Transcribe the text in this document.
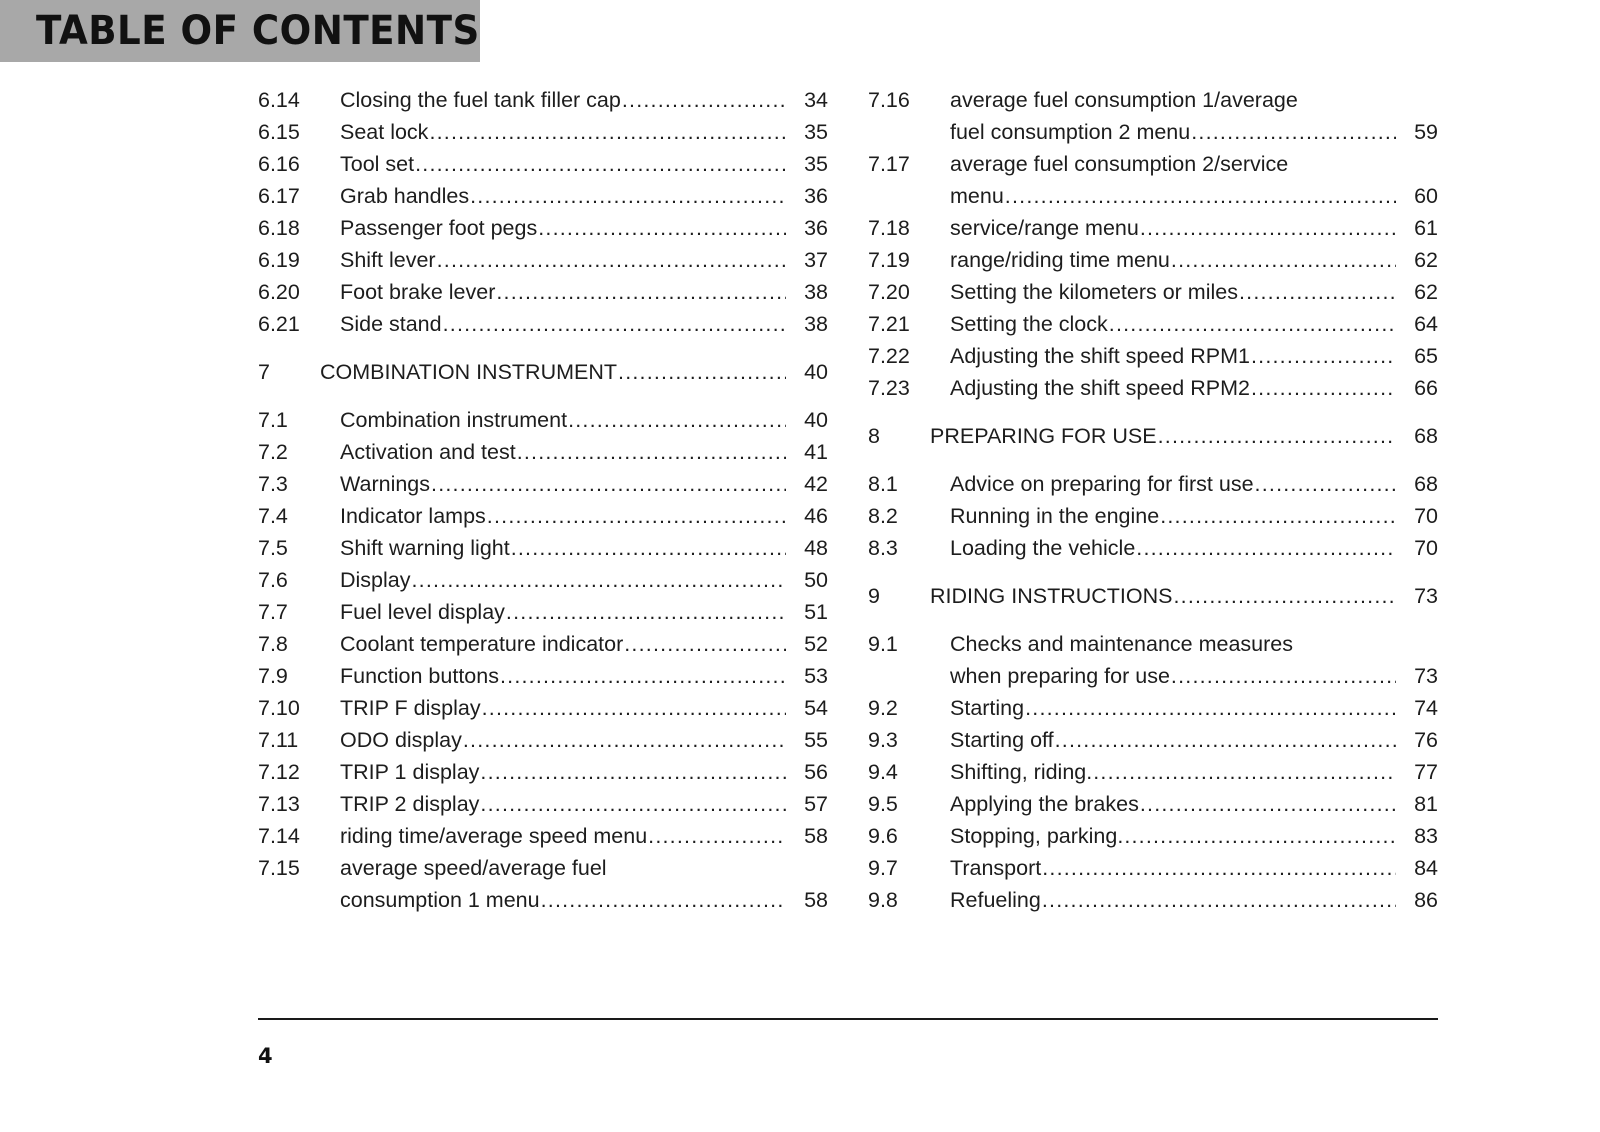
TABLE OF CONTENTS
6.14	Closing the fuel tank filler cap .....	34
6.15	Seat lock .....	35
6.16	Tool set .....	35
6.17	Grab handles .....	36
6.18	Passenger foot pegs .....	36
6.19	Shift lever .....	37
6.20	Foot brake lever .....	38
6.21	Side stand .....	38
7	COMBINATION INSTRUMENT .....	40
7.1	Combination instrument .....	40
7.2	Activation and test .....	41
7.3	Warnings .....	42
7.4	Indicator lamps .....	46
7.5	Shift warning light .....	48
7.6	Display .....	50
7.7	Fuel level display .....	51
7.8	Coolant temperature indicator .....	52
7.9	Function buttons .....	53
7.10	TRIP F display .....	54
7.11	ODO display .....	55
7.12	TRIP 1 display .....	56
7.13	TRIP 2 display .....	57
7.14	riding time/average speed menu .....	58
7.15	average speed/average fuel
consumption 1 menu .....	58
7.16	average fuel consumption 1/average
fuel consumption 2 menu .....	59
7.17	average fuel consumption 2/service
menu .....	60
7.18	service/range menu .....	61
7.19	range/riding time menu .....	62
7.20	Setting the kilometers or miles .....	62
7.21	Setting the clock .....	64
7.22	Adjusting the shift speed RPM1 .....	65
7.23	Adjusting the shift speed RPM2 .....	66
8	PREPARING FOR USE .....	68
8.1	Advice on preparing for first use .....	68
8.2	Running in the engine .....	70
8.3	Loading the vehicle .....	70
9	RIDING INSTRUCTIONS .....	73
9.1	Checks and maintenance measures
when preparing for use .....	73
9.2	Starting .....	74
9.3	Starting off .....	76
9.4	Shifting, riding. .....	77
9.5	Applying the brakes .....	81
9.6	Stopping, parking. .....	83
9.7	Transport .....	84
9.8	Refueling .....	86
4
